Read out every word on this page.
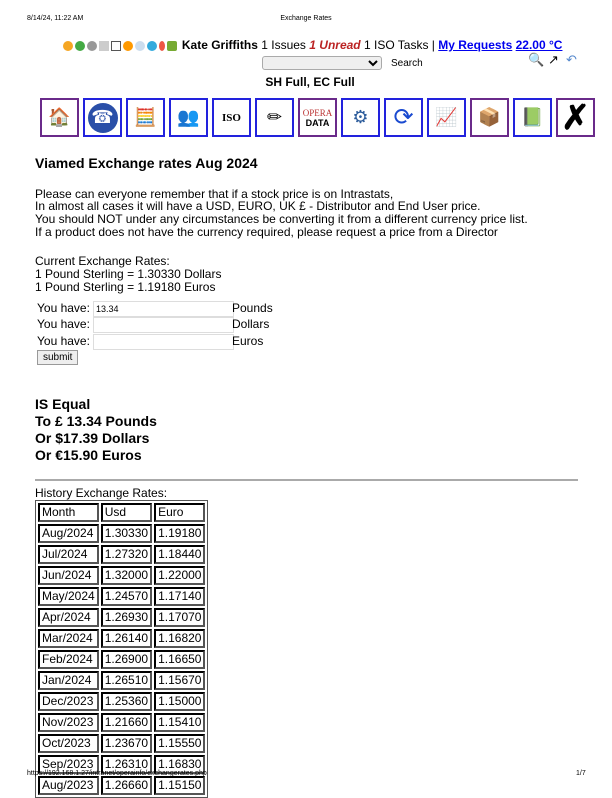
8/14/24, 11:22 AM	Exchange Rates
Kate Griffiths 1 Issues 1 Unread 1 ISO Tasks | My Requests 22.00 °C
Search	🔍 ↗ ↶
SH Full, EC Full
🏠	☎	🧮	👥	ISO	✏	OPERA
DATA	⚙	⟳	📈	📦	📗 ✗
Viamed Exchange rates Aug 2024
Please can everyone remember that if a stock price is on Intrastats,
In almost all cases it will have a USD, EURO, UK £ - Distributor and End User price.
You should NOT under any circumstances be converting it from a different currency price list.
If a product does not have the currency required, please request a price from a Director
Current Exchange Rates:
1 Pound Sterling = 1.30330 Dollars
1 Pound Sterling = 1.19180 Euros
You have:
13.34	Pounds
You have:	Dollars
You have:	Euros
submit
IS Equal
To £ 13.34 Pounds
Or $17.39 Dollars
Or €15.90 Euros
History Exchange Rates:
Month	Usd	Euro
Aug/2024	1.30330	1.19180
Jul/2024	1.27320	1.18440
Jun/2024	1.32000	1.22000
May/2024	1.24570	1.17140
Apr/2024	1.26930	1.17070
Mar/2024	1.26140	1.16820
Feb/2024	1.26900	1.16650
Jan/2024	1.26510	1.15670
Dec/2023	1.25360	1.15000
Nov/2023	1.21660	1.15410
Oct/2023	1.23670	1.15550
Sep/2023	1.26310	1.16830
Aug/2023	1.26660	1.15150
https://192.168.1.27/intranet/operainfo/exchangerates.php	1/7
